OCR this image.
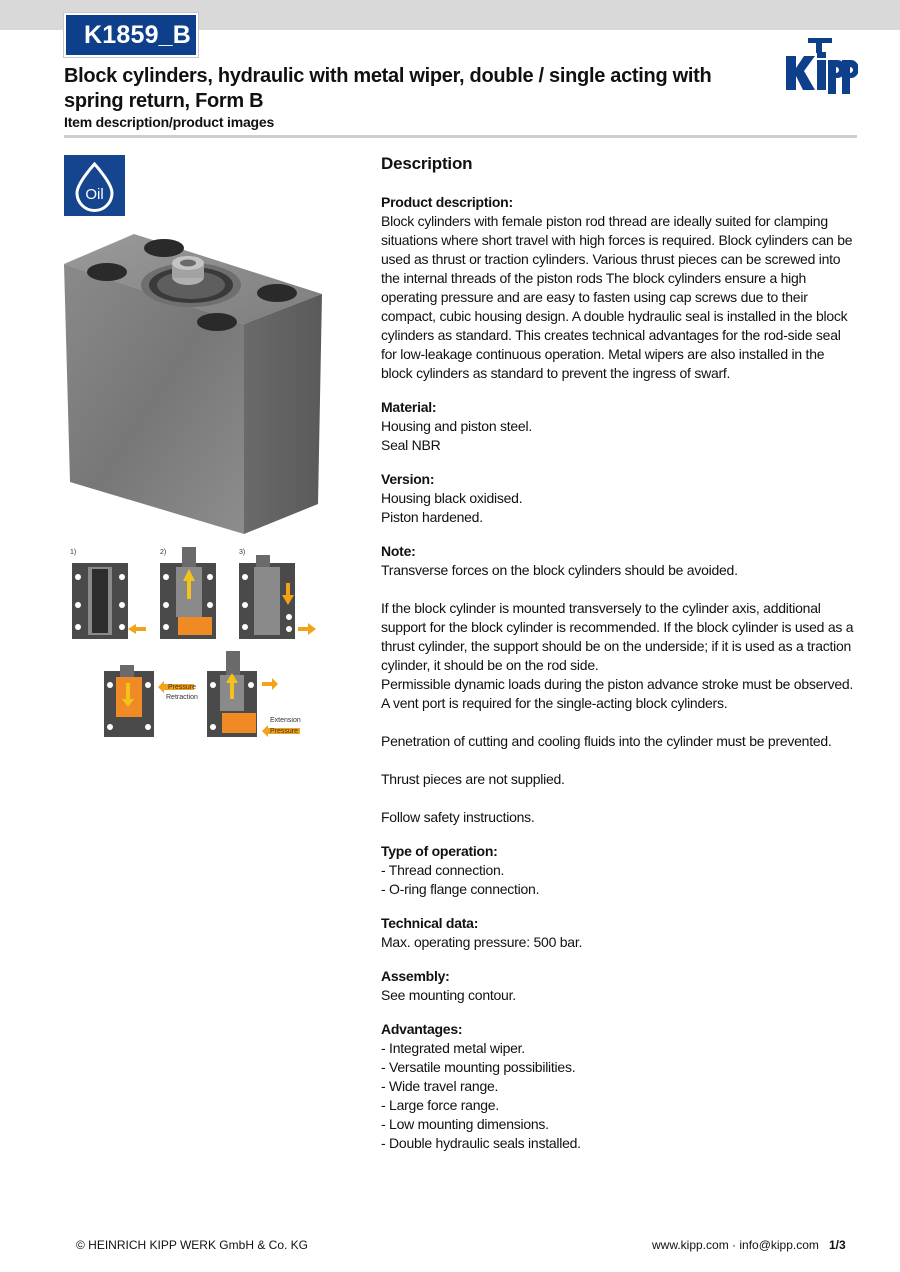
K1859_B
Block cylinders, hydraulic with metal wiper, double / single acting with spring return, Form B
Item description/product images
Kipp
Oil
1)	2)	3)
Pressure
Retraction
Extension
Pressure
Description
Product description:
Block cylinders with female piston rod thread are ideally suited for clamping situations where short travel with high forces is required. Block cylinders can be used as thrust or traction cylinders. Various thrust pieces can be screwed into the internal threads of the piston rods The block cylinders ensure a high operating pressure and are easy to fasten using cap screws due to their compact, cubic housing design. A double hydraulic seal is installed in the block cylinders as standard. This creates technical advantages for the rod-side seal for low-leakage continuous operation. Metal wipers are also installed in the block cylinders as standard to prevent the ingress of swarf.
Material:
Housing and piston steel.
Seal NBR
Version:
Housing black oxidised.
Piston hardened.
Note:
Transverse forces on the block cylinders should be avoided.
If the block cylinder is mounted transversely to the cylinder axis, additional support for the block cylinder is recommended. If the block cylinder is used as a thrust cylinder, the support should be on the underside; if it is used as a traction cylinder, it should be on the rod side.
Permissible dynamic loads during the piston advance stroke must be observed.
A vent port is required for the single-acting block cylinders.
Penetration of cutting and cooling fluids into the cylinder must be prevented.
Thrust pieces are not supplied.
Follow safety instructions.
Type of operation:
- Thread connection.
- O-ring flange connection.
Technical data:
Max. operating pressure: 500 bar.
Assembly:
See mounting contour.
Advantages:
- Integrated metal wiper.
- Versatile mounting possibilities.
- Wide travel range.
- Large force range.
- Low mounting dimensions.
- Double hydraulic seals installed.
© HEINRICH KIPP WERK GmbH & Co. KG	www.kipp.com · info@kipp.com 1/3
